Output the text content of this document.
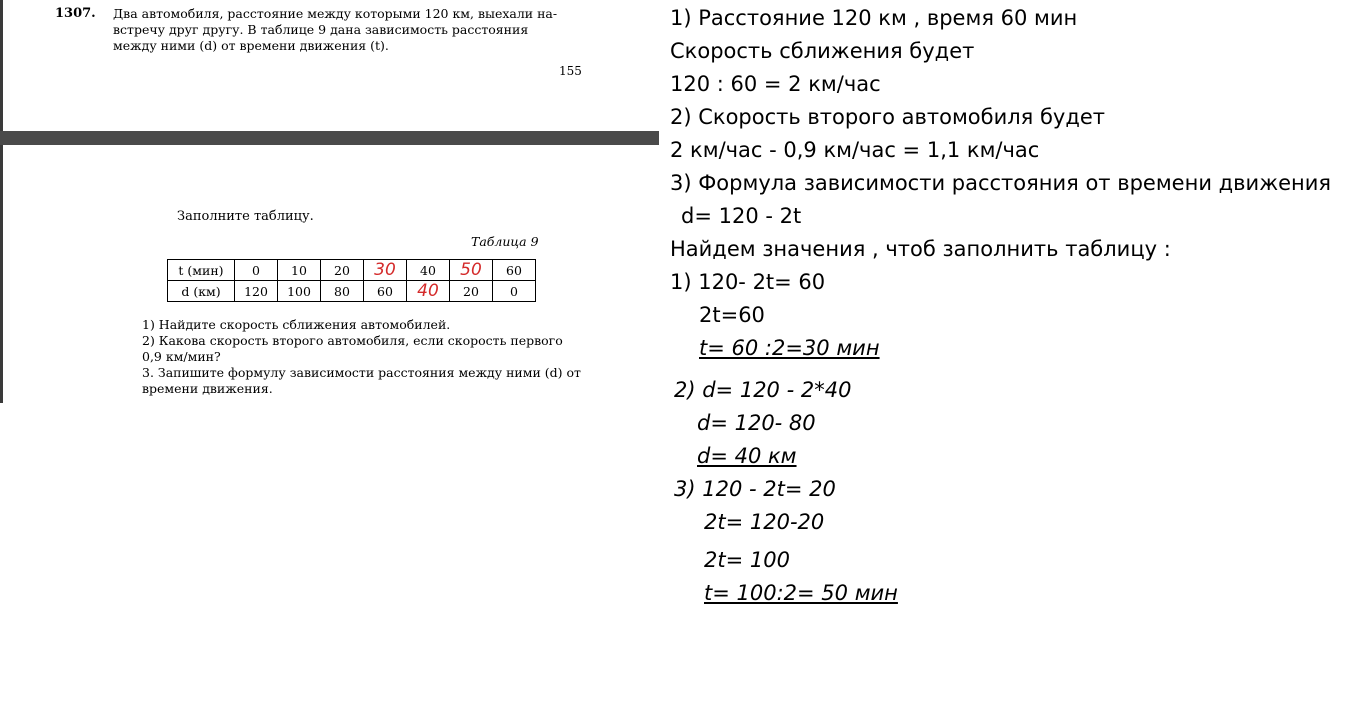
1307. Два автомобиля, расстояние между которыми 120 км, выехали на-

встречу друг другу. В таблице 9 дана зависимость расстояния

между ними (d) от времени движения (t).

155
Заполните таблицу.
Таблица 9
t (мин)	0	10	20	30	40	50	60
d (км)	120	100	80	60	40	20	0

1) Найдите скорость сближения автомобилей.

2) Какова скорость второго автомобиля, если скорость первого

0,9 км/мин?

3. Запишите формулу зависимости расстояния между ними (d) от

времени движения.

1) Расстояние 120 км , время 60 мин
Скорость сближения будет
120 : 60 = 2 км/час
2) Скорость второго автомобиля будет
2 км/час - 0,9 км/час = 1,1 км/час
3) Формула зависимости расстояния от времени движения
d= 120 - 2t
Найдем значения , чтоб заполнить таблицу :
1) 120- 2t= 60
2t=60
t= 60 :2=30 мин
2) d= 120 - 2*40
d= 120- 80
d= 40 км
3) 120 - 2t= 20
2t= 120-20
2t= 100
t= 100:2= 50 мин
